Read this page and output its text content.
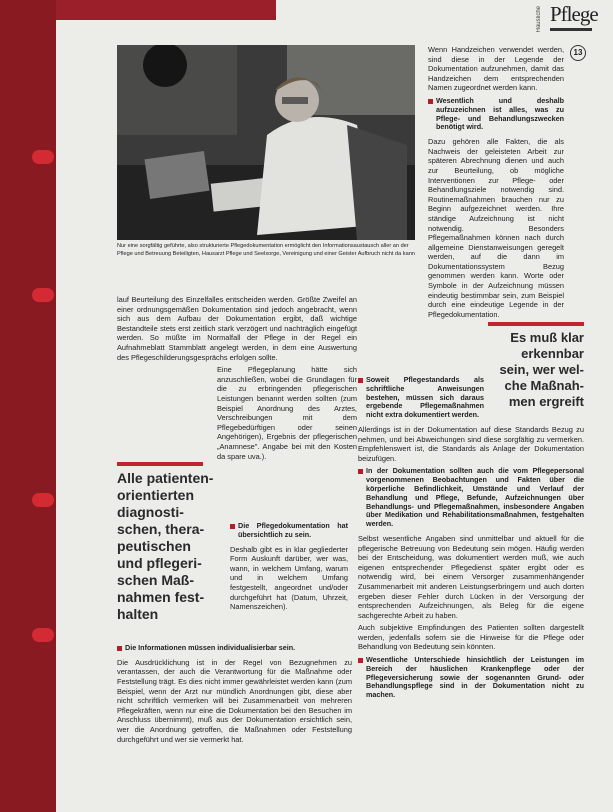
Häusliche Pflege
13
Nur eine sorgfältig geführte, also strukturierte Pflegedokumentation ermöglicht den Informationsaustausch aller an der Pflege und Betreuung Beteiligten, Hausarzt Pflege und Seelsorge, Vereinigung und einer Geister Aufbruch nicht da kann

lauf Beurteilung des Einzelfalles entscheiden werden. Größte Zweifel an einer ordnungsgemäßen Dokumentation sind jedoch angebracht, wenn sich aus dem Aufbau der Dokumentation ergibt, daß wichtige Bestandteile stets erst zeitlich stark verzögert und nachträglich eingefügt werden. So müßte im Normalfall der Pflege in der Regel ein Aufnahmeblatt Stammblatt angelegt werden, in dem eine Auswertung des Pflegeschilderungsgesprächs erfolgen sollte.

Eine Pflegeplanung hätte sich anzuschließen, wobei die Grundlagen für die zu erbringenden pflegerischen Leistungen benannt werden sollten (zum Beispiel Anordnung des Arztes, Verschreibungen mit dem Pflegebedürftigen oder seinen Angehörigen), Ergebnis der pflegerischen „Anamnese". Angabe bei mit den Kosten da spare uva.).

Alle patienten-
orientierten
diagnosti-
schen, thera-
peutischen
und pflegeri-
schen Maß-
nahmen fest-
halten
Die Pflegedokumentation hat übersichtlich zu sein.

Deshalb gibt es in klar gegliederter Form Auskunft darüber, wer was, wann, in welchem Umfang, warum und in welchem Umfang festgestellt, angeordnet und/oder durchgeführt hat (Datum, Uhrzeit, Namenszeichen).

Die Informationen müssen individualisierbar sein.

Die Ausdrücklichung ist in der Regel von Bezugnehmen zu verantassen, der auch die Verantwortung für die Maßnahme oder Feststellung trägt. Es dies nicht immer gewährleistet werden kann (zum Beispiel, wenn der Arzt nur mündlich Anordnungen gibt, diese aber nicht schriftlich vermerken will bei Zusammenarbeit von mehreren Pflegekräften, wenn nur eine die Dokumentation bei den Besuchen im Anschluss übernimmt), muß aus der Dokumentation ersichtlich sein, wer die Anordnung getroffen, die Maßnahmen oder Feststellung durchgeführt und wer sie vermerkt hat.

Wenn Handzeichen verwendet werden, sind diese in der Legende der Dokumentation aufzunehmen, damit das Handzeichen dem entsprechenden Namen zugeordnet werden kann.

Wesentlich und deshalb aufzuzeichnen ist alles, was zu Pflege- und Behandlungszwecken benötigt wird.

Dazu gehören alle Fakten, die als Nachweis der geleisteten Arbeit zur späteren Abrechnung dienen und auch zur Beurteilung, ob mögliche Interventionen zur Pflege- oder Behandlungsziele notwendig sind. Routinemaßnahmen brauchen nur zu Beginn aufgezeichnet werden. Ihre ständige Aufzeichnung ist nicht notwendig. Besonders Pflegemaßnahmen können nach durch allgemeine Dienstanweisungen geregelt werden, auf die dann im Dokumentationssystem Bezug genommen werden kann. Worte oder Symbole in der Aufzeichnung müssen eindeutig bestimmbar sein, zum Beispiel durch eine eindeutige Legende in der Pflegedokumentation.

Es muß klar
erkennbar
sein, wer wel-
che Maßnah-
men ergreift
Soweit Pflegestandards als schriftliche Anweisungen bestehen, müssen sich daraus ergebende Pflegemaßnahmen nicht extra dokumentiert werden.

Allerdings ist in der Dokumentation auf diese Standards Bezug zu nehmen, und bei Abweichungen sind diese sorgfältig zu vermerken. Empfehlenswert ist, die Standards als Anlage der Dokumentation beizufügen.

In der Dokumentation sollten auch die vom Pflegepersonal vorgenommenen Beobachtungen und Fakten über die körperliche Befindlichkeit, Umstände und Verlauf der Behandlung und Pflege, Befunde, Aufzeichnungen über Behandlungs- und Pflegemaßnahmen, insbesondere Angaben über Medikation und Rehabilitationsmaßnahmen, festgehalten werden.

Selbst wesentliche Angaben sind unmittelbar und aktuell für die pflegerische Betreuung von Bedeutung sein mögen. Häufig werden bei der Entscheidung, was dokumentiert werden muß, wie auch eigenen entsprechender Pflegedienst später ergibt oder es notwendig wird, bei einem Versorger zusammenhängender Zusammenarbeit mit anderen Leistungserbringern und auch dorten ergeben dieser Fehler durch Lücken in der Versorgung der entsprechenden Aufzeichnungen, als Beleg für die eigene sachgerechte Arbeit zu haben.

Auch subjektive Empfindungen des Patienten sollten dargestellt werden, jedenfalls sofern sie die Hinweise für die Pflege oder Behandlung von Bedeutung sein könnten.

Wesentliche Unterschiede hinsichtlich der Leistungen im Bereich der häuslichen Krankenpflege oder der Pflegeversicherung sowie der sogenannten Grund- oder Behandlungspflege sind in der Dokumentation nicht zu machen.
